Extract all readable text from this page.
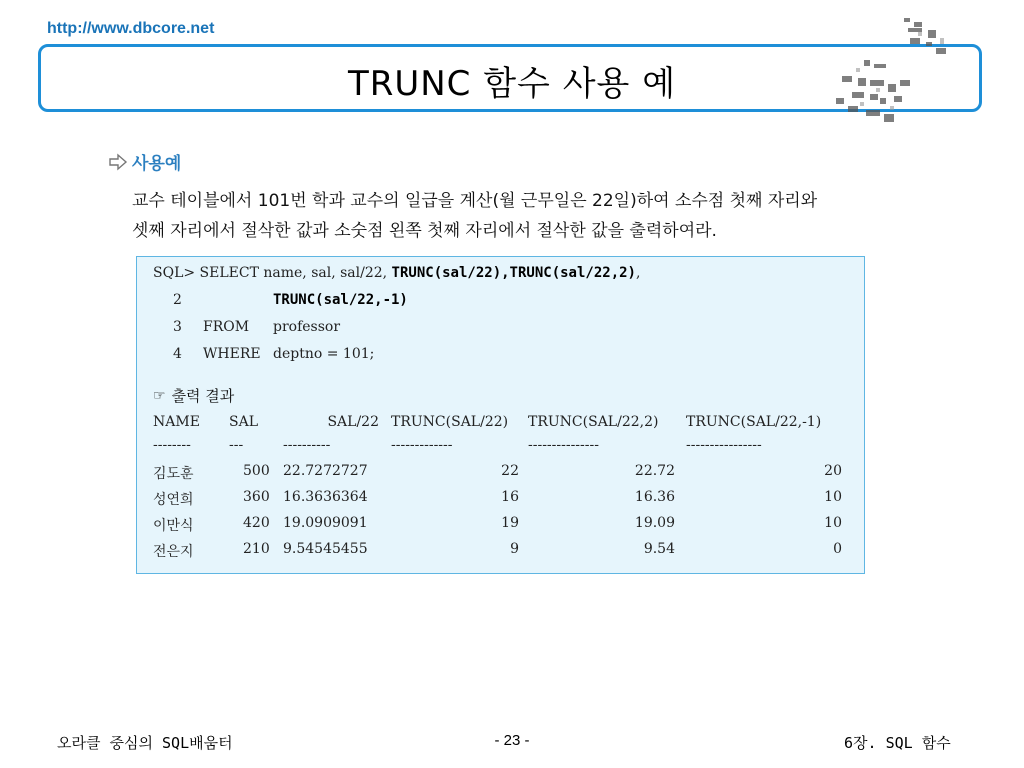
http://www.dbcore.net
TRUNC 함수 사용 예
사용예
교수 테이블에서 101번 학과 교수의 일급을 계산(월 근무일은 22일)하여 소수점 첫째 자리와
셋째 자리에서 절삭한 값과 소숫점 왼쪽 첫째 자리에서 절삭한 값을 출력하여라.
SQL> SELECT name, sal, sal/22, TRUNC(sal/22),TRUNC(sal/22,2),
2	TRUNC(sal/22,-1)
3 FROM professor
4 WHERE deptno = 101;
☞ 출력 결과
NAME SAL	SAL/22 TRUNC(SAL/22) TRUNC(SAL/22,2) TRUNC(SAL/22,-1)
--------	---	----------	-------------	---------------	----------------
김도훈	500 22.7272727	22	22.72	20
성연희	360 16.3636364	16	16.36	10
이만식	420 19.0909091	19	19.09	10
전은지	210 9.54545455	9	9.54	0
오라클 중심의 SQL배움터	- 23 -	6장. SQL 함수
